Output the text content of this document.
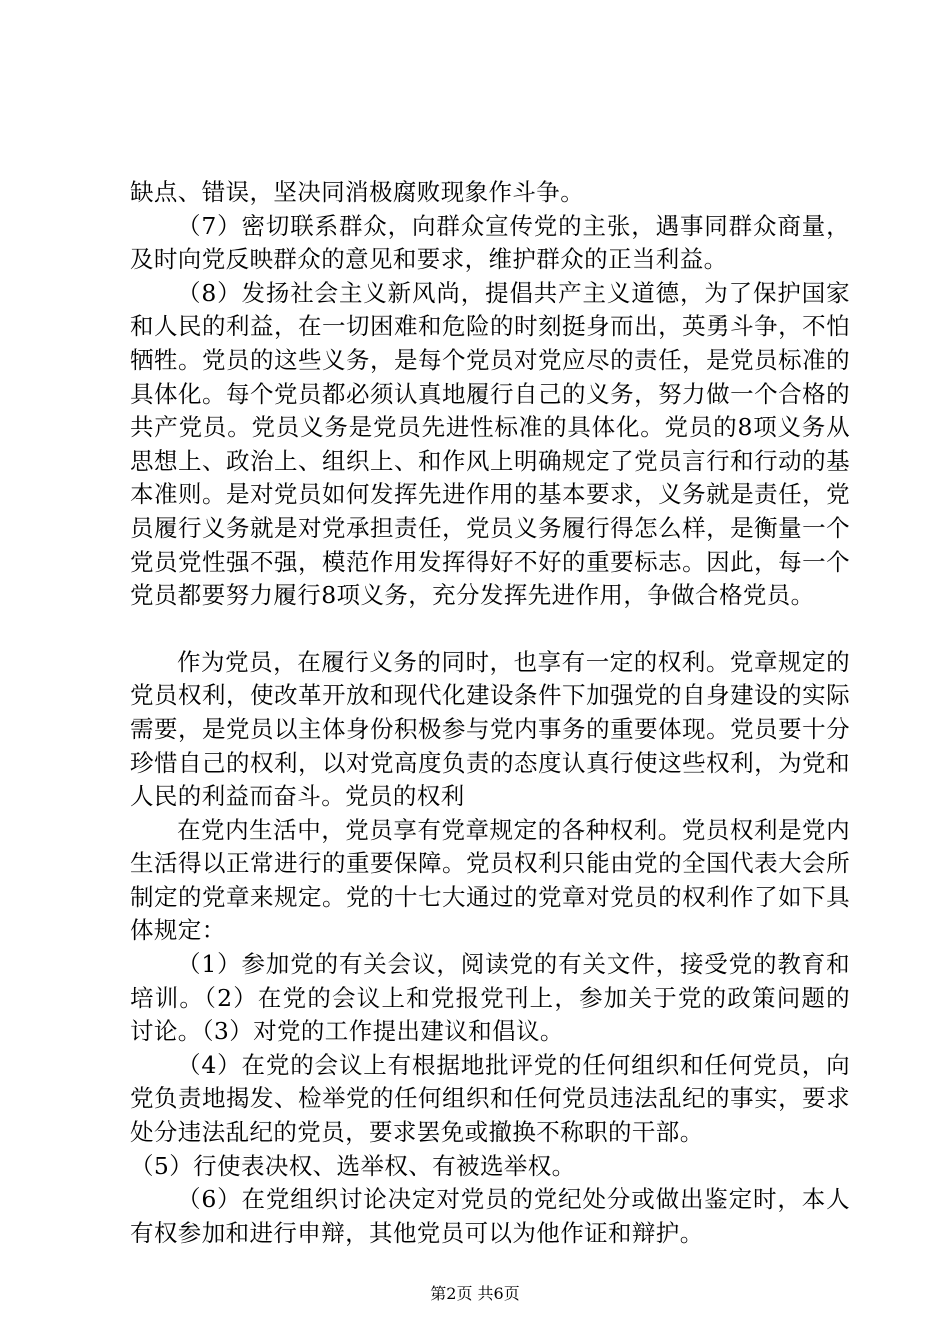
缺点、错误，坚决同消极腐败现象作斗争。

（7）密切联系群众，向群众宣传党的主张，遇事同群众商量，及时向党反映群众的意见和要求，维护群众的正当利益。

（8）发扬社会主义新风尚，提倡共产主义道德，为了保护国家和人民的利益，在一切困难和危险的时刻挺身而出，英勇斗争，不怕牺牲。党员的这些义务，是每个党员对党应尽的责任，是党员标准的具体化。每个党员都必须认真地履行自己的义务，努力做一个合格的共产党员。党员义务是党员先进性标准的具体化。党员的8项义务从思想上、政治上、组织上、和作风上明确规定了党员言行和行动的基本准则。是对党员如何发挥先进作用的基本要求，义务就是责任，党员履行义务就是对党承担责任，党员义务履行得怎么样，是衡量一个党员党性强不强，模范作用发挥得好不好的重要标志。因此，每一个党员都要努力履行8项义务，充分发挥先进作用，争做合格党员。

作为党员，在履行义务的同时，也享有一定的权利。党章规定的党员权利，使改革开放和现代化建设条件下加强党的自身建设的实际需要，是党员以主体身份积极参与党内事务的重要体现。党员要十分珍惜自己的权利，以对党高度负责的态度认真行使这些权利，为党和人民的利益而奋斗。党员的权利

在党内生活中，党员享有党章规定的各种权利。党员权利是党内生活得以正常进行的重要保障。党员权利只能由党的全国代表大会所制定的党章来规定。党的十七大通过的党章对党员的权利作了如下具体规定：

（1）参加党的有关会议，阅读党的有关文件，接受党的教育和培训。（2）在党的会议上和党报党刊上，参加关于党的政策问题的讨论。（3）对党的工作提出建议和倡议。

（4）在党的会议上有根据地批评党的任何组织和任何党员，向党负责地揭发、检举党的任何组织和任何党员违法乱纪的事实，要求处分违法乱纪的党员，要求罢免或撤换不称职的干部。

（5）行使表决权、选举权、有被选举权。

（6）在党组织讨论决定对党员的党纪处分或做出鉴定时，本人有权参加和进行申辩，其他党员可以为他作证和辩护。

第2页 共6页
